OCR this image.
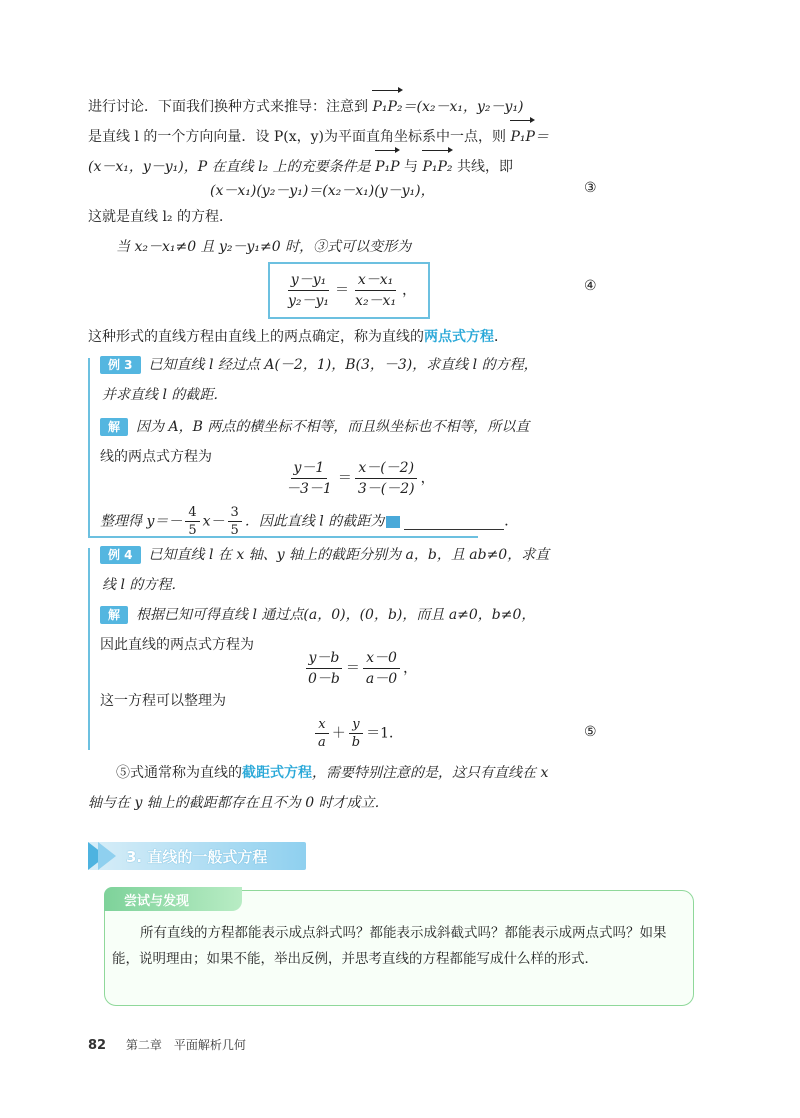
进行讨论．下面我们换种方式来推导：注意到 P₁P₂＝(x₂－x₁，y₂－y₁)
是直线 l 的一个方向向量．设 P(x，y)为平面直角坐标系中一点，则 P₁P＝
(x－x₁，y－y₁)，P 在直线 l₂ 上的充要条件是 P₁P 与 P₁P₂ 共线，即
(x－x₁)(y₂－y₁)＝(x₂－x₁)(y－y₁)，	③
这就是直线 l₂ 的方程．
当 x₂－x₁≠0 且 y₂－y₁≠0 时，③式可以变形为
$\frac{\text{y－y₁}}{\text{y₂－y₁}} = \frac{\text{x－x₁}}{\text{x₂－x₁}}$ ，	④
这种形式的直线方程由直线上的两点确定，称为直线的两点式方程．
例 3 已知直线 l 经过点 A(－2，1)，B(3，－3)，求直线 l 的方程，
并求直线 l 的截距．
解 因为 A，B 两点的横坐标不相等，而且纵坐标也不相等，所以直
线的两点式方程为
$\frac{y-1}{-3-1} = \frac{x-(-2)}{3-(-2)}$ ，
整理得 $y=- \frac{4}{5} x- \frac{3}{5}$ ．因此直线 l 的截距为	．
例 4 已知直线 l 在 x 轴、y 轴上的截距分别为 a，b，且 ab≠0，求直
线 l 的方程．
解 根据已知可得直线 l 通过点(a，0)，(0，b)，而且 a≠0，b≠0，
因此直线的两点式方程为
$\frac{y-b}{0-b} = \frac{x-0}{a-0}$ ，
这一方程可以整理为
$\frac{x}{a} + \frac{y}{b} =1$．	⑤
⑤式通常称为直线的截距式方程，需要特别注意的是，这只有直线在 x
轴与在 y 轴上的截距都存在且不为 0 时才成立．
3. 直线的一般式方程
尝试与发现
所有直线的方程都能表示成点斜式吗？都能表示成斜截式吗？都能表示成两点式吗？如果能，说明理由；如果不能，举出反例，并思考直线的方程都能写成什么样的形式．
82 第二章　平面解析几何
